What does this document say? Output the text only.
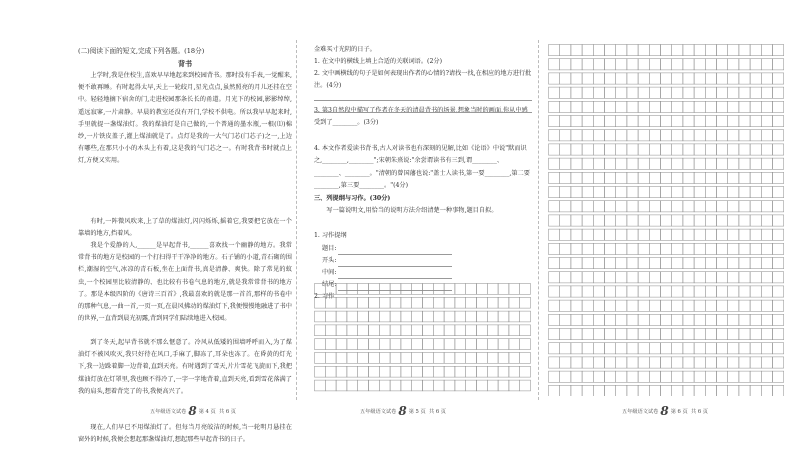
(二)阅读下面的短文,完成下列各题。(18分)
背书

上学时,我是住校生,喜欢早早地起来到校园背书。那时没有手表,一觉醒来,便不敢再睡。有时起得太早,天上一轮皎月,星光点点,虽然照亮的月儿还挂在空中。轻轻地摘下宿舍的门,走进校园那条长长的甬道。月光下的校园,影影绰绰,遥远寂寥,一片肃静。早晨的教室还没有开门,学校不供电。所以我早早起来时,手里就提一盏煤油灯。我的煤油灯是自己做的,一个普通的墨水瓶,一根(⑴)棉纱,一片铁皮盖子,灌上煤油就是了。点灯是我的一大气门芯(门芯子)之一,上边有哪些,在那只小小的木头上有着,这是我的气门芯之一。有时我背书时就点上灯,方便又实用。

有时,一阵微风吹来,上了草的煤油灯,闪闪烁烁,摇着它,我要把它放在一个靠墙的地方,挡着风。

我是个爱静的人,______是早起背书,______喜欢找一个幽静的地方。我常常背书的地方是校园的一个打扫得干干净净的地方。石子铺的小道,青石砌的围栏,潮湿的空气,冰凉的青石板,坐在上面背书,真是清静、爽快。除了常见的蚊虫,一个校园里比较清静的、也比较有书卷气息的地方,就是我常常背书的地方了。那是本级四阶的《唐诗三百首》,我最喜欢的就是那一首首,那样的书卷中的那种气息,一曲一首,一页一页,在晨风拂动的煤油灯下,我便慢慢地融进了书中的世界,一直背到晨光初露,背到同学们陆续地进入校园。

到了冬天,起早背书就不那么惬意了。冷风从低矮的围墙呼呼而入,为了煤油灯不被风吹灭,我只好待在风口,手麻了,脚冻了,耳朵也冻了。在昏黄的灯光下,我一边跺着脚一边背着,直到天亮。有时遇到了雪天,片片雪花飞旋而下,我把煤油灯放在灯罩里,我也顾不得冷了,一字一字地背着,直到天亮,看到雪花落满了我的肩头,想着背完了的书,我便高兴了。

现在,人们早已不用煤油灯了。但每当月亮皎洁的时候,当一轮明月悬挂在窗外的时候,我便会想起那盏煤油灯,想起那些早起背书的日子。

五年级语文试卷 8 第 4 页 共 6 页
金难买寸光阴的日子。
1. 在文中的横线上填上合适的关联词语。(2分)
2. 文中画横线的句子是如何表现出作者的心情的?请找一找,在相应的地方进行批注。(4分)
3. 第3自然段中描写了作者在冬天的清晨背书的场景,想象当时的画面,你从中感受到了________。(3分)
4. 本文作者爱读书背书,古人对读书也有深刻的见解,比如《论语》中说"默而识之,________,________";宋朝朱熹说:"余尝谓读书有三到,谓________、________、________。"清朝的曾国藩也说:"盖士人读书,第一要________,第二要________,第三要________。"(4分)
三、列提纲与习作。(30分)

写一篇说明文,用恰当的说明方法介绍清楚一种事物,题目自拟。

1. 习作提纲
题目:
开头:
中间:
结尾:
2. 习作
五年级语文试卷 8 第 5 页 共 6 页	五年级语文试卷 8 第 6 页 共 6 页
